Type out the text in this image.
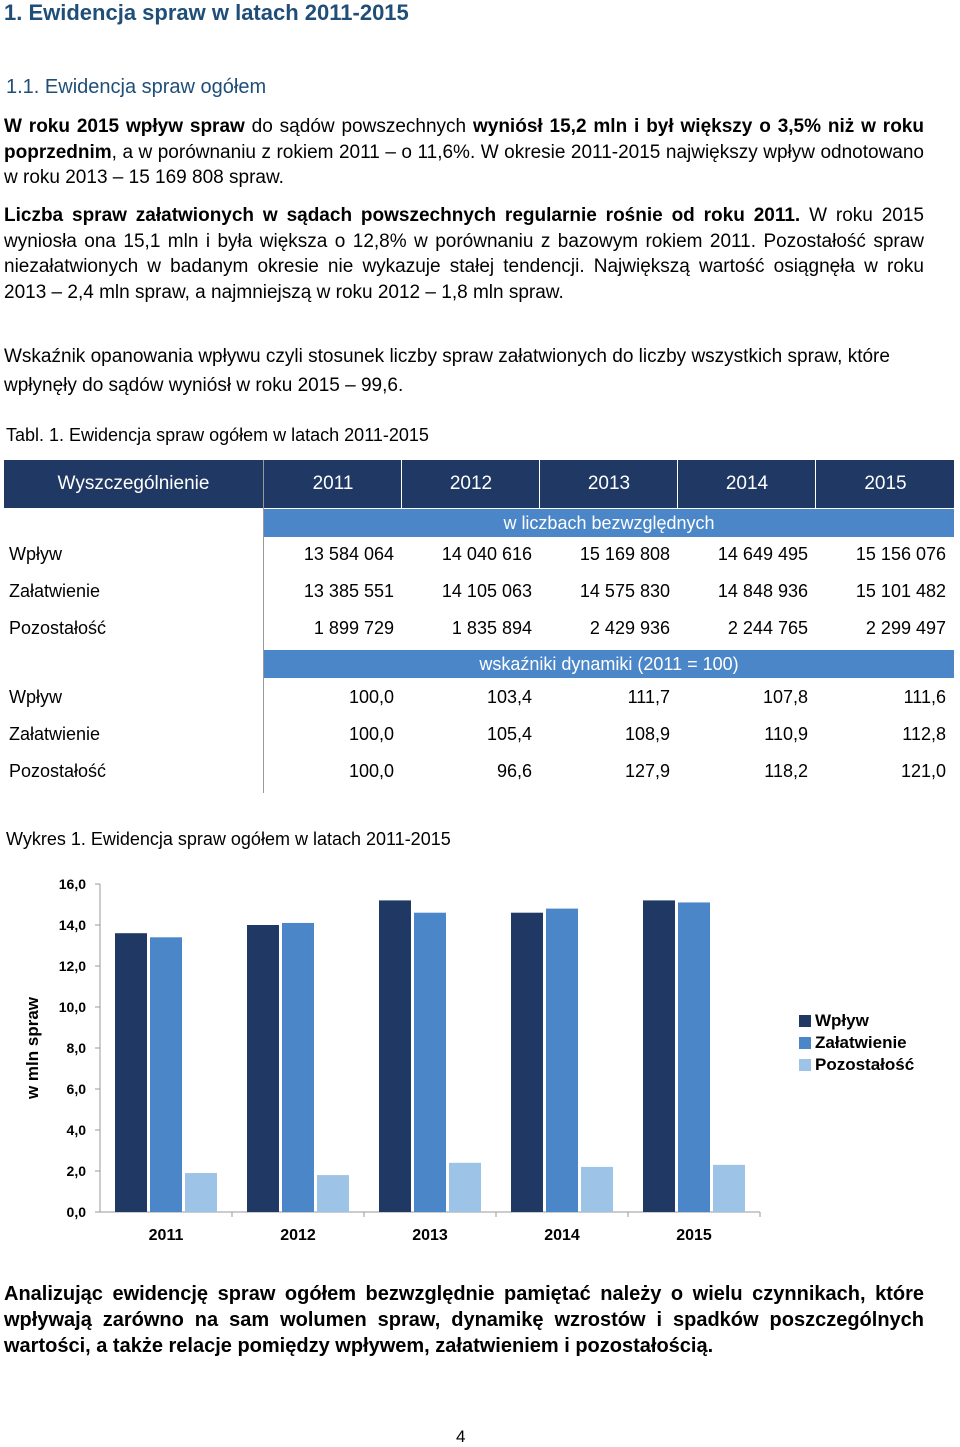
1. Ewidencja spraw w latach 2011-2015
1.1. Ewidencja spraw ogółem
W roku 2015 wpływ spraw do sądów powszechnych wyniósł 15,2 mln i był większy o 3,5% niż w roku poprzednim, a w porównaniu z rokiem 2011 – o 11,6%. W okresie 2011-2015 największy wpływ odnotowano w roku 2013 – 15 169 808 spraw.
Liczba spraw załatwionych w sądach powszechnych regularnie rośnie od roku 2011. W roku 2015 wyniosła ona 15,1 mln i była większa o 12,8% w porównaniu z bazowym rokiem 2011. Pozostałość spraw niezałatwionych w badanym okresie nie wykazuje stałej tendencji. Największą wartość osiągnęła w roku 2013 – 2,4 mln spraw, a najmniejszą w roku 2012 – 1,8 mln spraw.
Wskaźnik opanowania wpływu czyli stosunek liczby spraw załatwionych do liczby wszystkich spraw, które wpłynęły do sądów wyniósł w roku 2015 – 99,6.
Tabl. 1. Ewidencja spraw ogółem w latach 2011-2015
Wyszczególnienie	2011	2012	2013	2014	2015
w liczbach bezwzględnych
Wpływ	13 584 064	14 040 616	15 169 808	14 649 495	15 156 076
Załatwienie	13 385 551	14 105 063	14 575 830	14 848 936	15 101 482
Pozostałość	1 899 729	1 835 894	2 429 936	2 244 765	2 299 497
wskaźniki dynamiki (2011 = 100)
Wpływ	100,0	103,4	111,7	107,8	111,6
Załatwienie	100,0	105,4	108,9	110,9	112,8
Pozostałość	100,0	96,6	127,9	118,2	121,0
Wykres 1. Ewidencja spraw ogółem w latach 2011-2015
0,0
2,0
4,0
6,0
8,0
10,0
12,0
14,0
16,0
w mln spraw
2011	2012	2013	2014	2015
Wpływ
Załatwienie
Pozostałość
Analizując ewidencję spraw ogółem bezwzględnie pamiętać należy o wielu czynnikach, które wpływają zarówno na sam wolumen spraw, dynamikę wzrostów i spadków poszczególnych wartości, a także relacje pomiędzy wpływem, załatwieniem i pozostałością.
4
